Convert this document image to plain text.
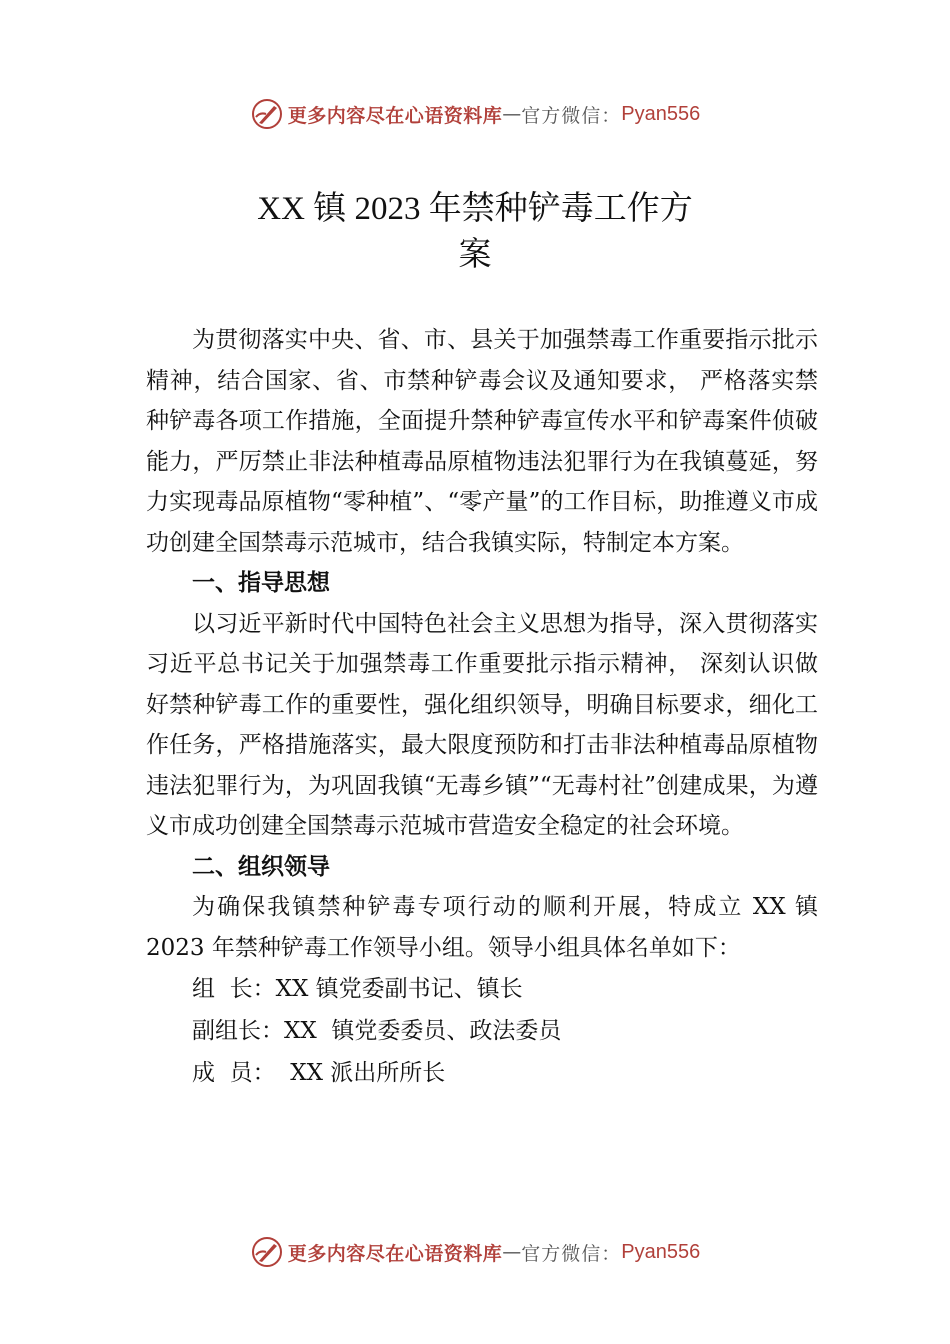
更多内容尽在心语资料库 — 官方微信： Pyan556
XX 镇 2023 年禁种铲毒工作方
案

为贯彻落实中央、省、市、县关于加强禁毒工作重要指示批示精神，结合国家、省、市禁种铲毒会议及通知要求， 严格落实禁种铲毒各项工作措施，全面提升禁种铲毒宣传水平和铲毒案件侦破能力，严厉禁止非法种植毒品原植物违法犯罪行为在我镇蔓延，努力实现毒品原植物“零种植”、“零产量”的工作目标，助推遵义市成功创建全国禁毒示范城市，结合我镇实际，特制定本方案。

一、指导思想

以习近平新时代中国特色社会主义思想为指导，深入贯彻落实习近平总书记关于加强禁毒工作重要批示指示精神， 深刻认识做好禁种铲毒工作的重要性，强化组织领导，明确目标要求，细化工作任务，严格措施落实，最大限度预防和打击非法种植毒品原植物违法犯罪行为，为巩固我镇“无毒乡镇”“无毒村社”创建成果，为遵义市成功创建全国禁毒示范城市营造安全稳定的社会环境。

二、组织领导

为确保我镇禁种铲毒专项行动的顺利开展，特成立 XX 镇 2023 年禁种铲毒工作领导小组。领导小组具体名单如下：

组  长：XX 镇党委副书记、镇长
副组长：XX  镇党委委员、政法委员
成  员：  XX 派出所所长
更多内容尽在心语资料库 — 官方微信： Pyan556
